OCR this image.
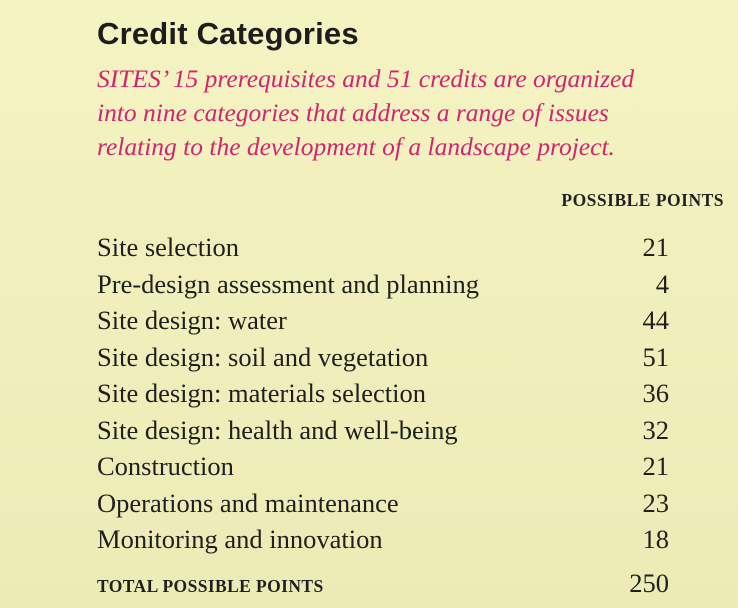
Credit Categories
SITES’ 15 prerequisites and 51 credits are organized
into nine categories that address a range of issues
relating to the development of a landscape project.
POSSIBLE POINTS
Site selection	21
Pre-design assessment and planning	4
Site design: water	44
Site design: soil and vegetation	51
Site design: materials selection	36
Site design: health and well-being	32
Construction	21
Operations and maintenance	23
Monitoring and innovation	18
TOTAL POSSIBLE POINTS	250
